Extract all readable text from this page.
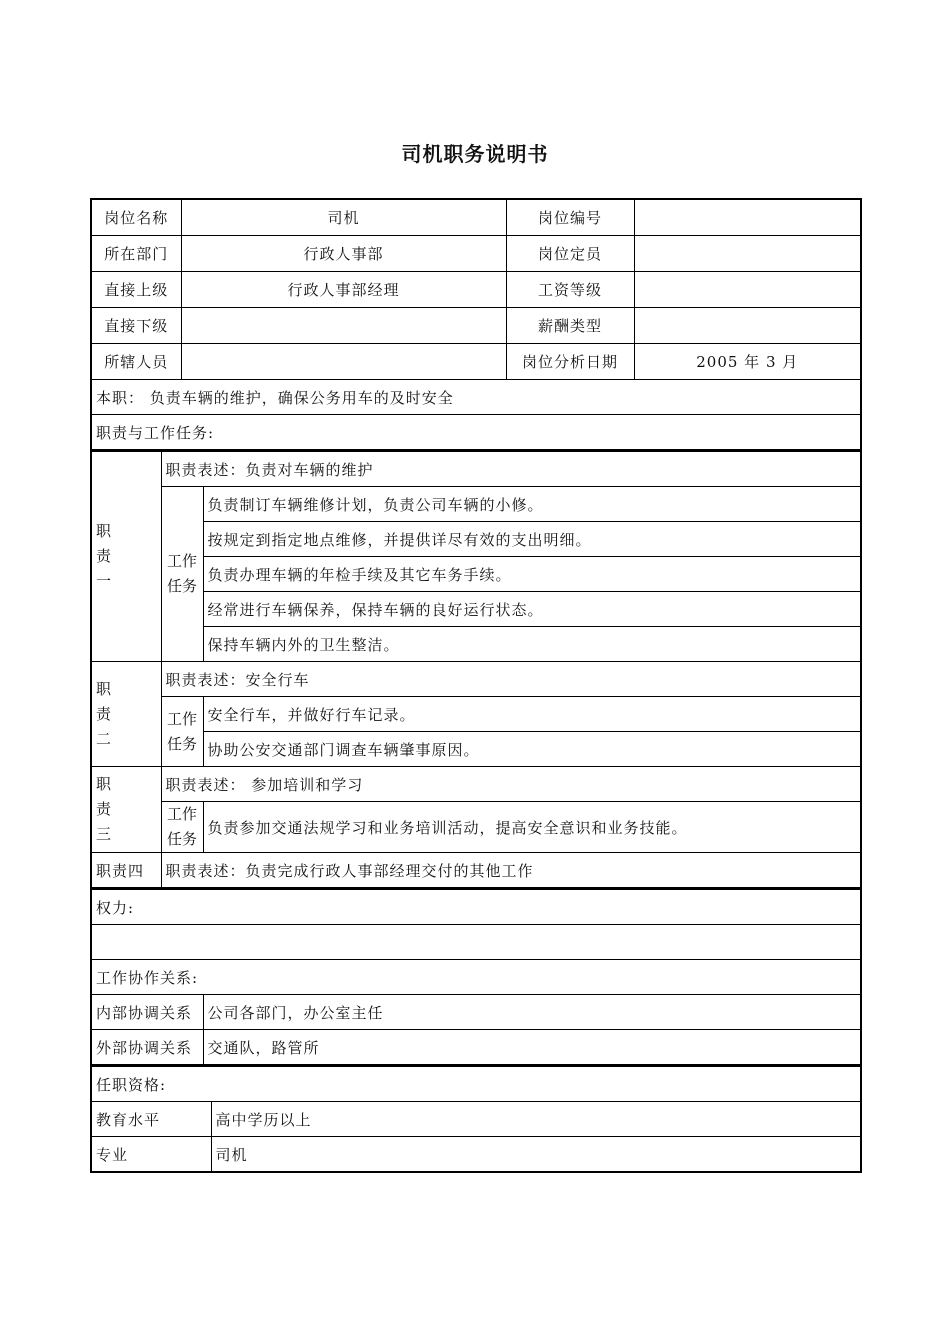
司机职务说明书
岗位名称	司机	岗位编号	
所在部门	行政人事部	岗位定员	
直接上级	行政人事部经理	工资等级	
直接下级		薪酬类型	
所辖人员		岗位分析日期	2005 年 3 月
本职： 负责车辆的维护，确保公务用车的及时安全			
职责与工作任务:			
职
责
一	职责表述：负责对车辆的维护	

	工作
任务	负责制订车辆维修计划，负责公司车辆的小修。
		按规定到指定地点维修，并提供详尽有效的支出明细。
		负责办理车辆的年检手续及其它车务手续。
		经常进行车辆保养，保持车辆的良好运行状态。
		保持车辆内外的卫生整洁。

职
责
二	职责表述：安全行车	

	工作
任务	安全行车，并做好行车记录。
		协助公安交通部门调查车辆肇事原因。

职
责
三	职责表述： 参加培训和学习	

	工作
任务	负责参加交通法规学习和业务培训活动，提高安全意识和业务技能。
职责四	职责表述：负责完成行政人事部经理交付的其他工作	
权力:	

工作协作关系:	
内部协调关系	公司各部门，办公室主任
外部协调关系	交通队，路管所
任职资格:	
教育水平	高中学历以上
专业	司机
